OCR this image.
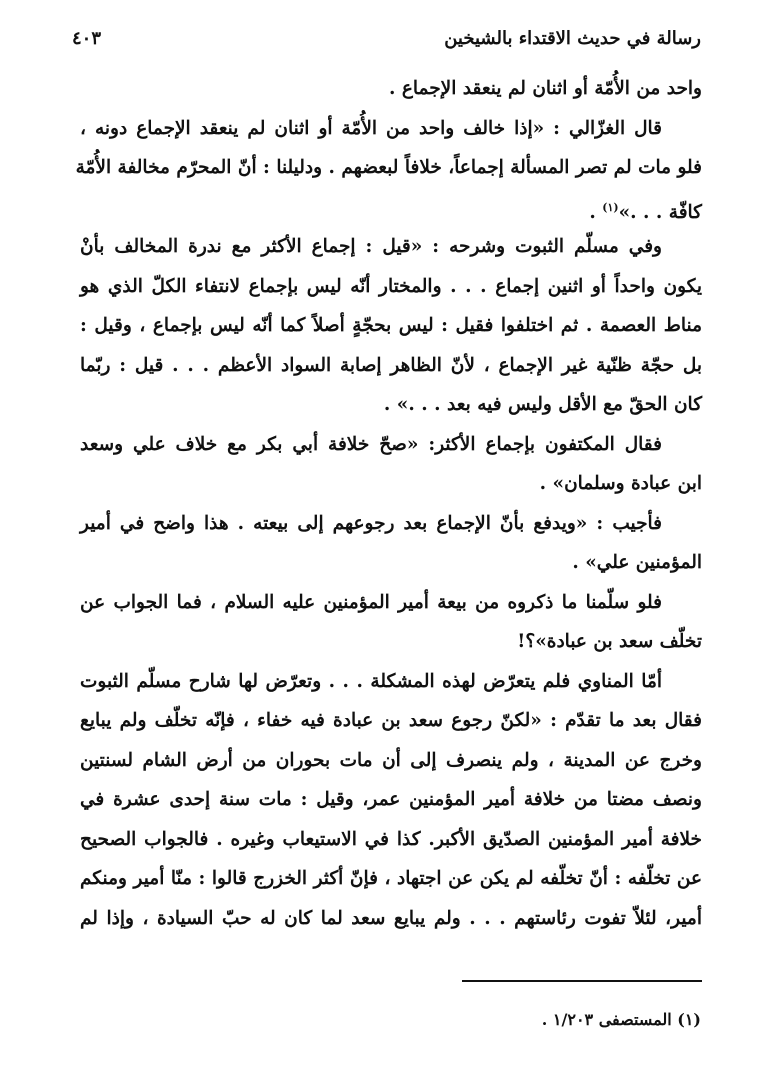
رسالة في حديث الاقتداء بالشيخين
٤٠٣
واحد من الأُمّة أو اثنان لم ينعقد الإجماع .
قال الغزّالي : «إذا خالف واحد من الأُمّة أو اثنان لم ينعقد الإجماع دونه ،
فلو مات لم تصر المسألة إجماعاً، خلافاً لبعضهم . ودليلنا : أنّ المحرّم مخالفة الأُمّة
كافّة . . .»$^{(١)}$ .
وفي مسلّم الثبوت وشرحه : «قيل : إجماع الأكثر مع ندرة المخالف بأنْ
يكون واحداً أو اثنين إجماع . . . والمختار أنّه ليس بإجماع لانتفاء الكلّ الذي هو
مناط العصمة . ثم اختلفوا فقيل : ليس بحجّةٍ أصلاً كما أنّه ليس بإجماع ، وقيل :
بل حجّة ظنّية غير الإجماع ، لأنّ الظاهر إصابة السواد الأعظم . . . قيل : ربّما
كان الحقّ مع الأقل وليس فيه بعد . . .» .
فقال المكتفون بإجماع الأكثر: «صحّ خلافة أبي بكر مع خلاف علي وسعد
ابن عبادة وسلمان» .
فأجيب : «ويدفع بأنّ الإجماع بعد رجوعهم إلى بيعته . هذا واضح في أمير
المؤمنين علي» .
فلو سلّمنا ما ذكروه من بيعة أمير المؤمنين عليه السلام ، فما الجواب عن
تخلّف سعد بن عبادة»؟!
أمّا المناوي فلم يتعرّض لهذه المشكلة . . . وتعرّض لها شارح مسلّم الثبوت
فقال بعد ما تقدّم : «لكنّ رجوع سعد بن عبادة فيه خفاء ، فإنّه تخلّف ولم يبايع
وخرج عن المدينة ، ولم ينصرف إلى أن مات بحوران من أرض الشام لسنتين
ونصف مضتا من خلافة أمير المؤمنين عمر، وقيل : مات سنة إحدى عشرة في
خلافة أمير المؤمنين الصدّيق الأكبر. كذا في الاستيعاب وغيره . فالجواب الصحيح
عن تخلّفه : أنّ تخلّفه لم يكن عن اجتهاد ، فإنّ أكثر الخزرج قالوا : منّا أمير ومنكم
أمير، لئلاّ تفوت رئاستهم . . . ولم يبايع سعد لما كان له حبّ السيادة ، وإذا لم
(١) المستصفى ١/٢٠٣ .
